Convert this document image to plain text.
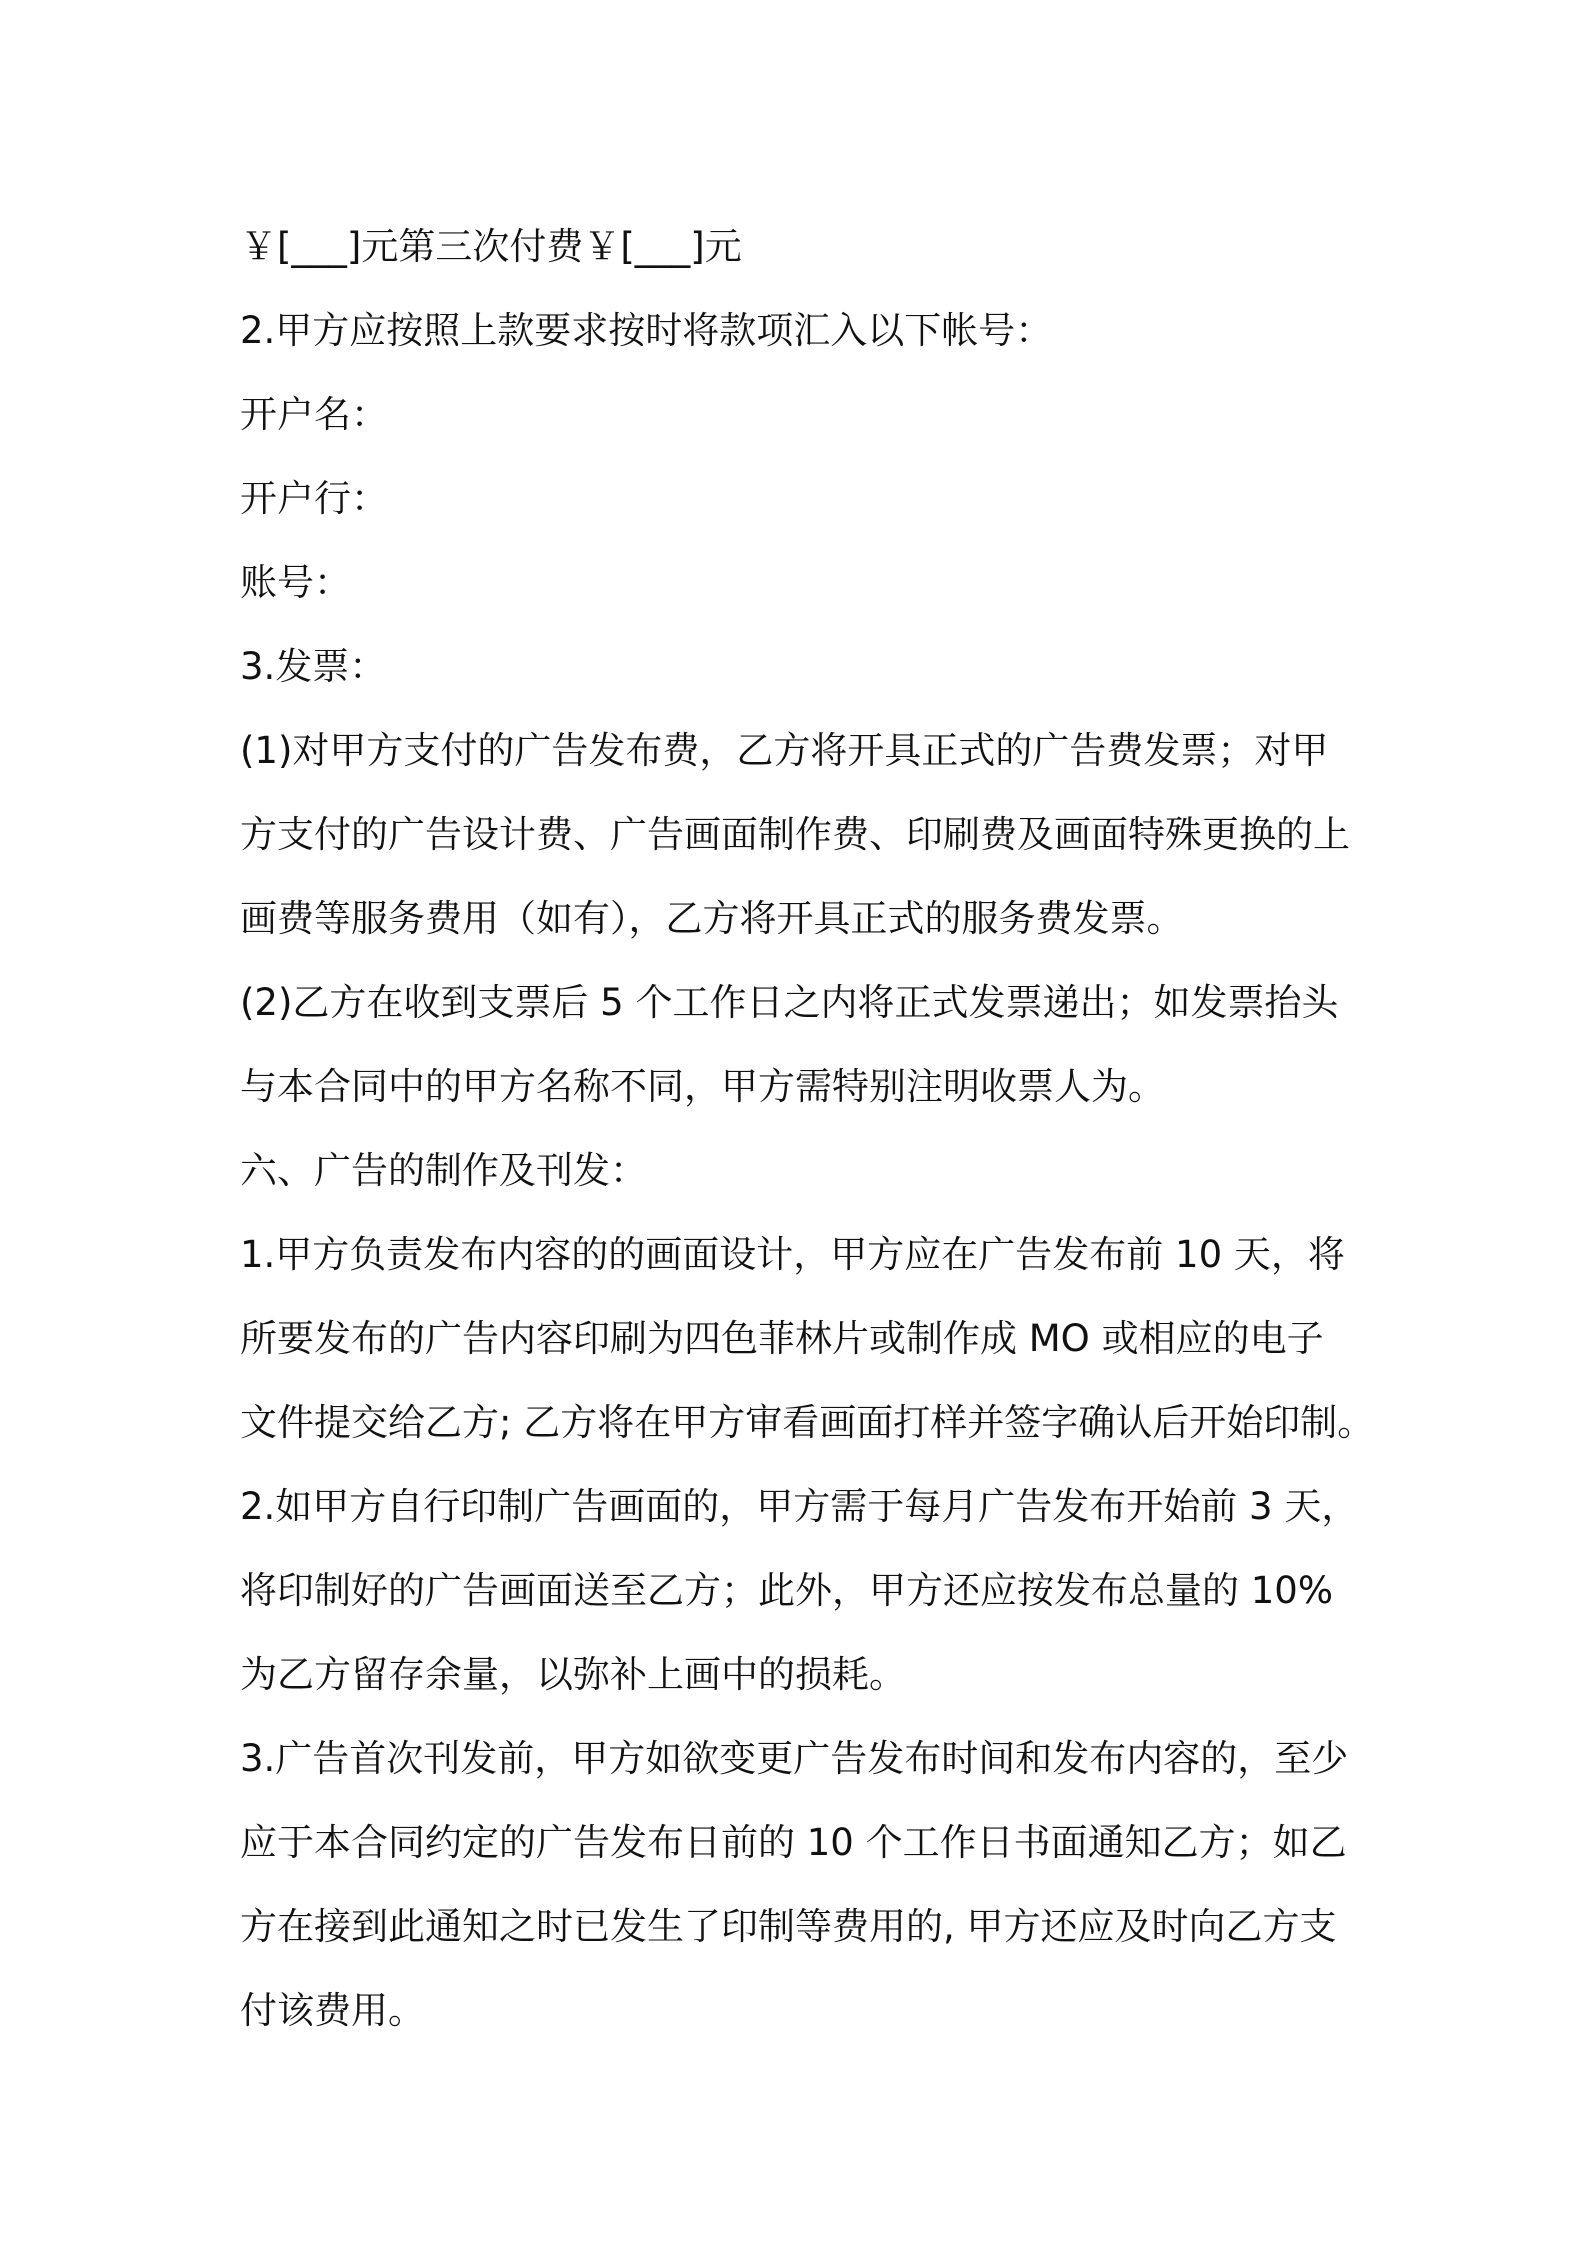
￥[___]元第三次付费￥[___]元
2.甲方应按照上款要求按时将款项汇入以下帐号：
开户名：
开户行：
账号：
3.发票：
(1)对甲方支付的广告发布费，乙方将开具正式的广告费发票；对甲
方支付的广告设计费、广告画面制作费、印刷费及画面特殊更换的上
画费等服务费用（如有），乙方将开具正式的服务费发票。
(2)乙方在收到支票后 5 个工作日之内将正式发票递出；如发票抬头
与本合同中的甲方名称不同，甲方需特别注明收票人为。
六、广告的制作及刊发：
1.甲方负责发布内容的的画面设计，甲方应在广告发布前 10 天，将
所要发布的广告内容印刷为四色菲林片或制作成 MO 或相应的电子
文件提交给乙方; 乙方将在甲方审看画面打样并签字确认后开始印制。
2.如甲方自行印制广告画面的，甲方需于每月广告发布开始前 3 天，
将印制好的广告画面送至乙方；此外，甲方还应按发布总量的 10%
为乙方留存余量，以弥补上画中的损耗。
3.广告首次刊发前，甲方如欲变更广告发布时间和发布内容的，至少
应于本合同约定的广告发布日前的 10 个工作日书面通知乙方；如乙
方在接到此通知之时已发生了印制等费用的, 甲方还应及时向乙方支
付该费用。
